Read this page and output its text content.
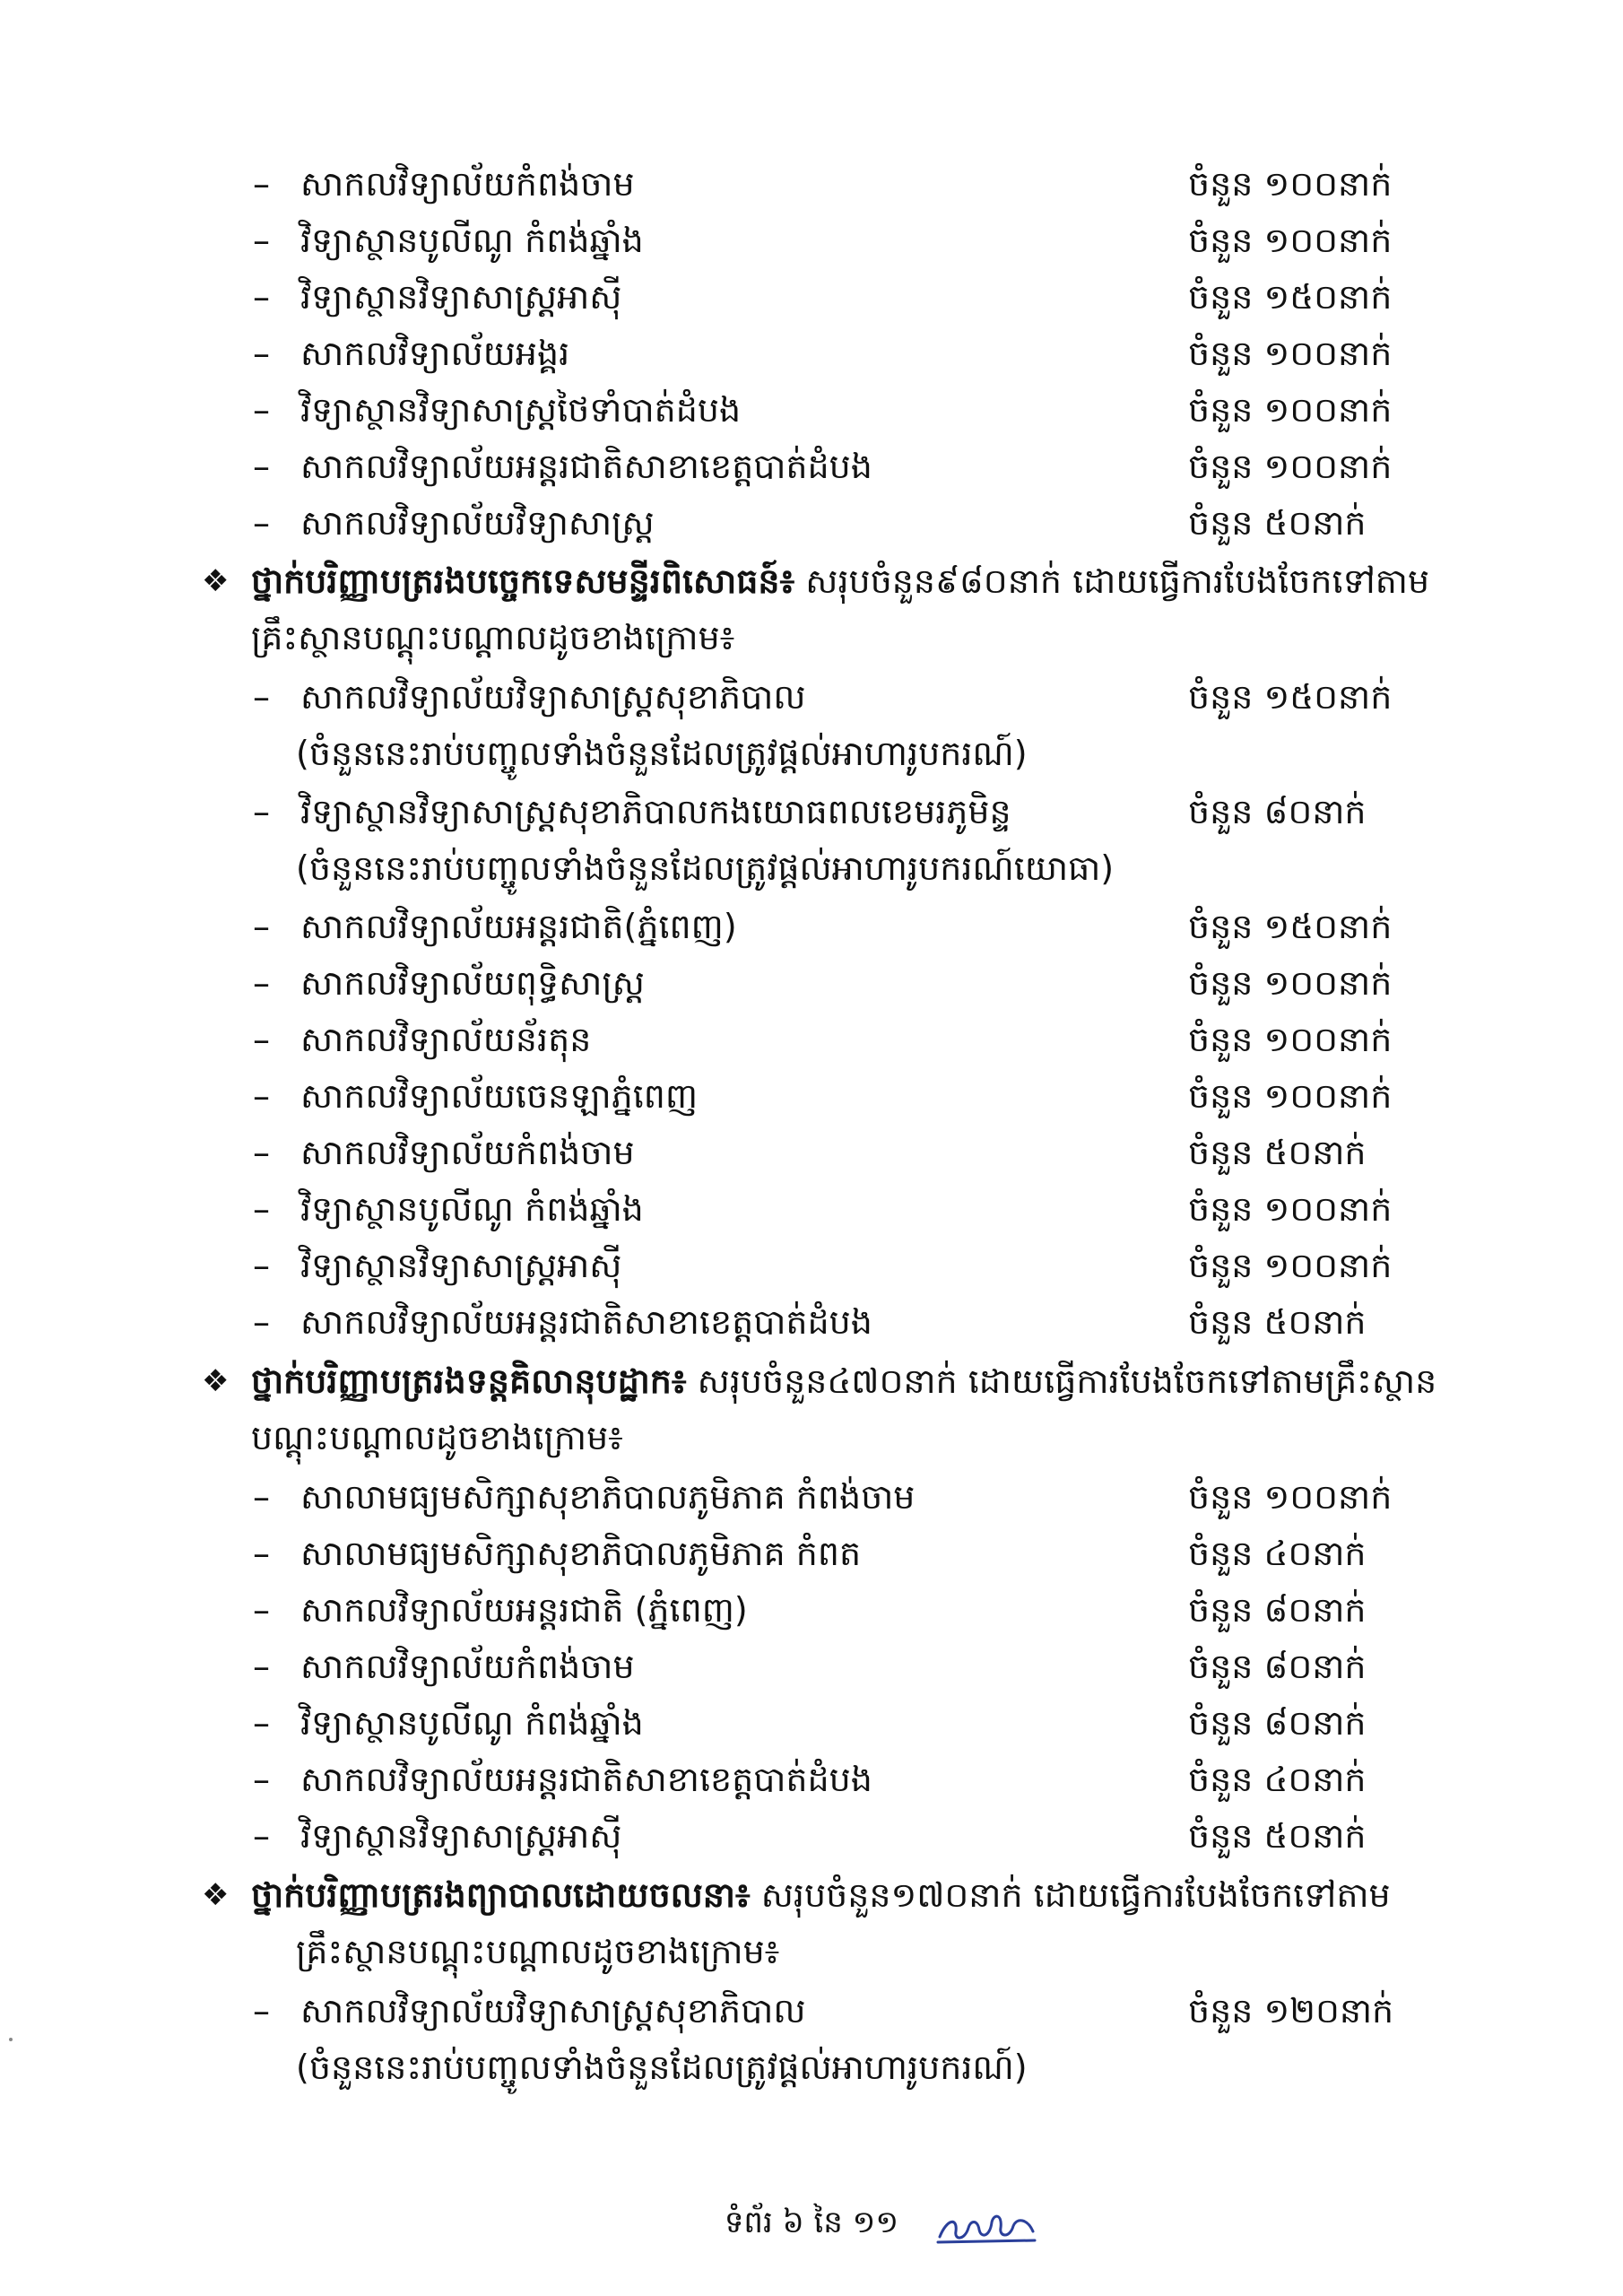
– សាកលវិទ្យាល័យកំពង់ចាម	ចំនួន ១០០នាក់
– វិទ្យាស្ថានបូលីណូ កំពង់ឆ្នាំង	ចំនួន ១០០នាក់
– វិទ្យាស្ថានវិទ្យាសាស្ត្រអាស៊ី	ចំនួន ១៥០នាក់
– សាកលវិទ្យាល័យអង្គរ	ចំនួន ១០០នាក់
– វិទ្យាស្ថានវិទ្យាសាស្ត្រថៃទាំបាត់ដំបង	ចំនួន ១០០នាក់
– សាកលវិទ្យាល័យអន្តរជាតិសាខាខេត្តបាត់ដំបង	ចំនួន ១០០នាក់
– សាកលវិទ្យាល័យវិទ្យាសាស្ត្រ	ចំនួន ៥០នាក់
❖ ថ្នាក់បរិញ្ញាបត្ររងបច្ចេកទេសមន្ទីរពិសោធន៍៖ សរុបចំនួន៩៨០នាក់ ដោយធ្វើការបែងចែកទៅតាម
គ្រឹះស្ថានបណ្តុះបណ្តាលដូចខាងក្រោម៖
– សាកលវិទ្យាល័យវិទ្យាសាស្ត្រសុខាភិបាល	ចំនួន ១៥០នាក់
(ចំនួននេះរាប់បញ្ចូលទាំងចំនួនដែលត្រូវផ្តល់អាហារូបករណ៍)
– វិទ្យាស្ថានវិទ្យាសាស្ត្រសុខាភិបាលកងយោធពលខេមរភូមិន្ទ	ចំនួន ៨០នាក់
(ចំនួននេះរាប់បញ្ចូលទាំងចំនួនដែលត្រូវផ្តល់អាហារូបករណ៍យោធា)
– សាកលវិទ្យាល័យអន្តរជាតិ(ភ្នំពេញ)	ចំនួន ១៥០នាក់
– សាកលវិទ្យាល័យពុទ្ធិសាស្ត្រ	ចំនួន ១០០នាក់
– សាកលវិទ្យាល័យន័រតុន	ចំនួន ១០០នាក់
– សាកលវិទ្យាល័យចេនឡាភ្នំពេញ	ចំនួន ១០០នាក់
– សាកលវិទ្យាល័យកំពង់ចាម	ចំនួន ៥០នាក់
– វិទ្យាស្ថានបូលីណូ កំពង់ឆ្នាំង	ចំនួន ១០០នាក់
– វិទ្យាស្ថានវិទ្យាសាស្ត្រអាស៊ី	ចំនួន ១០០នាក់
– សាកលវិទ្យាល័យអន្តរជាតិសាខាខេត្តបាត់ដំបង	ចំនួន ៥០នាក់
❖ ថ្នាក់បរិញ្ញាបត្ររងទន្តគិលានុបដ្ឋាក៖ សរុបចំនួន៤៧០នាក់ ដោយធ្វើការបែងចែកទៅតាមគ្រឹះស្ថាន
បណ្តុះបណ្តាលដូចខាងក្រោម៖
– សាលាមធ្យមសិក្សាសុខាភិបាលភូមិភាគ កំពង់ចាម	ចំនួន ១០០នាក់
– សាលាមធ្យមសិក្សាសុខាភិបាលភូមិភាគ កំពត	ចំនួន ៤០នាក់
– សាកលវិទ្យាល័យអន្តរជាតិ (ភ្នំពេញ)	ចំនួន ៨០នាក់
– សាកលវិទ្យាល័យកំពង់ចាម	ចំនួន ៨០នាក់
– វិទ្យាស្ថានបូលីណូ កំពង់ឆ្នាំង	ចំនួន ៨០នាក់
– សាកលវិទ្យាល័យអន្តរជាតិសាខាខេត្តបាត់ដំបង	ចំនួន ៤០នាក់
– វិទ្យាស្ថានវិទ្យាសាស្ត្រអាស៊ី	ចំនួន ៥០នាក់
❖ ថ្នាក់បរិញ្ញាបត្ររងព្យាបាលដោយចលនា៖ សរុបចំនួន១៧០នាក់ ដោយធ្វើការបែងចែកទៅតាម
គ្រឹះស្ថានបណ្តុះបណ្តាលដូចខាងក្រោម៖
– សាកលវិទ្យាល័យវិទ្យាសាស្ត្រសុខាភិបាល	ចំនួន ១២០នាក់
(ចំនួននេះរាប់បញ្ចូលទាំងចំនួនដែលត្រូវផ្តល់អាហារូបករណ៍)
ទំព័រ ៦ នៃ ១១
